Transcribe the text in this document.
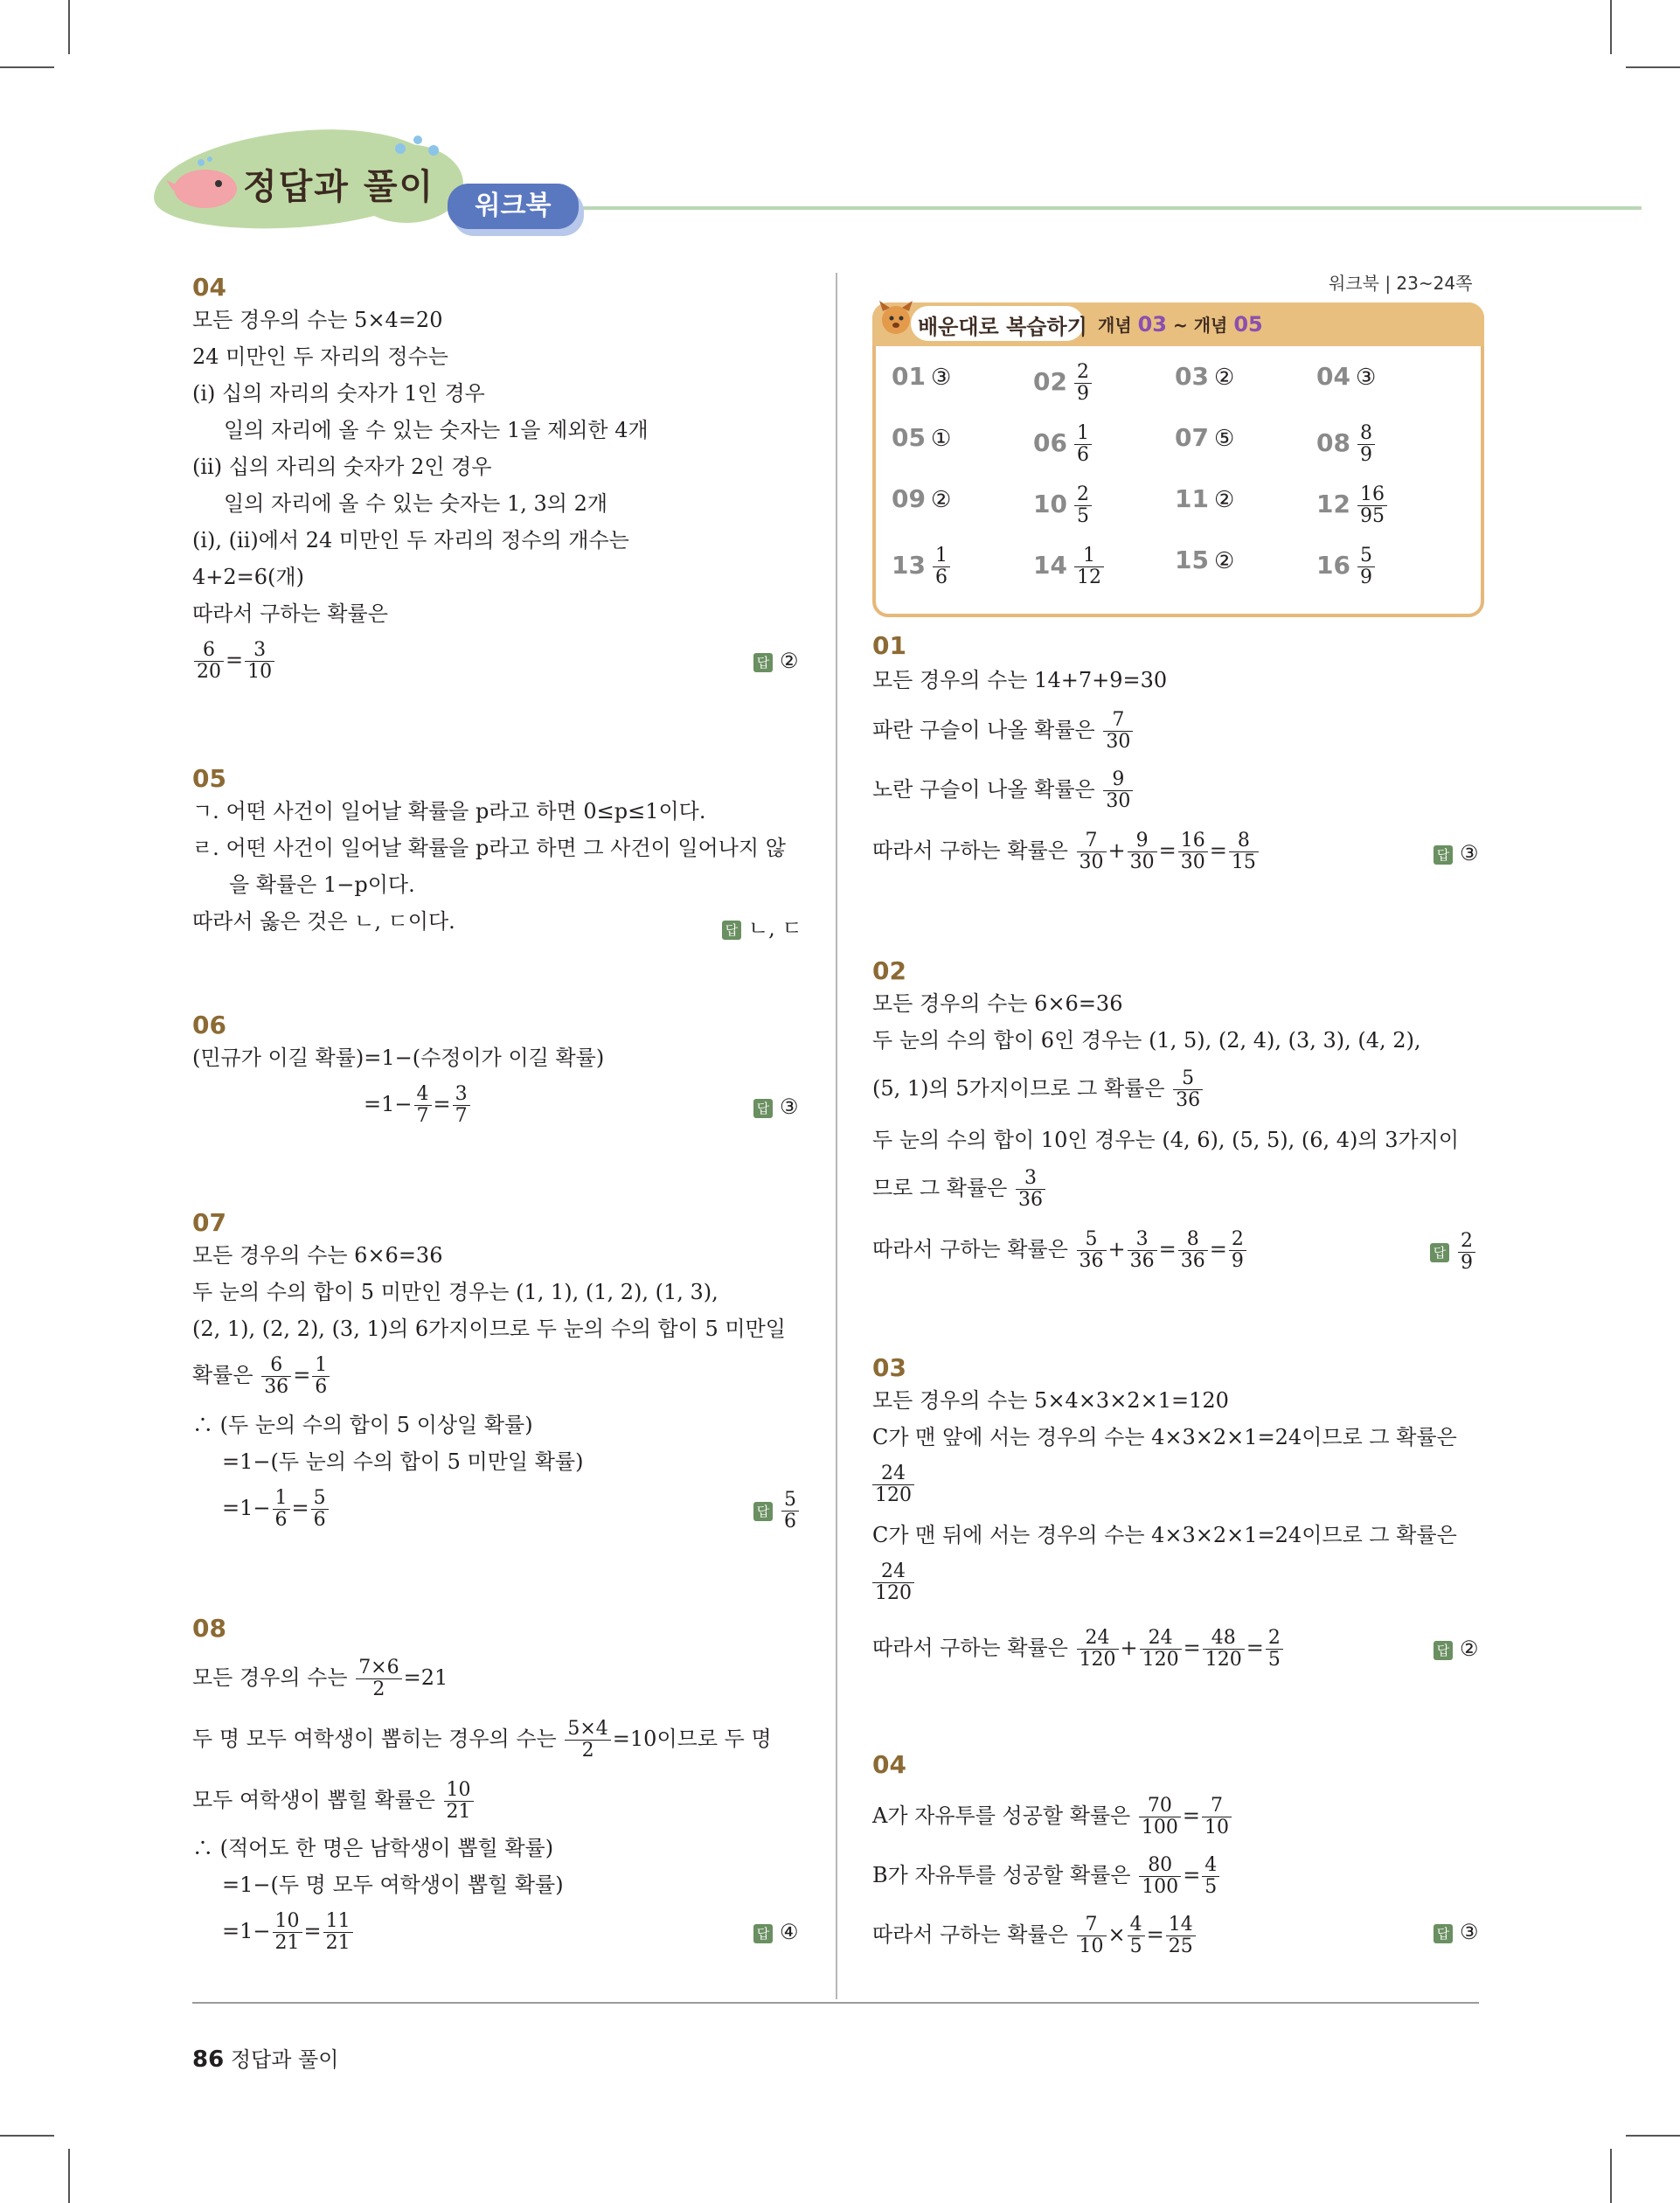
정답과 풀이	워크북
04
모든 경우의 수는 5×4=20
24 미만인 두 자리의 정수는
(ⅰ) 십의 자리의 숫자가 1인 경우
일의 자리에 올 수 있는 숫자는 1을 제외한 4개
(ⅱ) 십의 자리의 숫자가 2인 경우
일의 자리에 올 수 있는 숫자는 1, 3의 2개
(ⅰ), (ⅱ)에서 24 미만인 두 자리의 정수의 개수는
4+2=6(개)
따라서 구하는 확률은
$\frac{6}{20} = \frac{3}{10}$	답 ②
05
ㄱ. 어떤 사건이 일어날 확률을 p라고 하면 0≤p≤1이다.
ㄹ. 어떤 사건이 일어날 확률을 p라고 하면 그 사건이 일어나지 않
을 확률은 1−p이다.
따라서 옳은 것은 ㄴ, ㄷ이다.	답 ㄴ, ㄷ
06
(민규가 이길 확률)=1−(수정이가 이길 확률)
$=1- \frac{4}{7} = \frac{3}{7}$	답 ③
07
모든 경우의 수는 6×6=36
두 눈의 수의 합이 5 미만인 경우는 (1, 1), (1, 2), (1, 3),
(2, 1), (2, 2), (3, 1)의 6가지이므로 두 눈의 수의 합이 5 미만일
확률은 $\frac{6}{36} = \frac{1}{6}$
∴ (두 눈의 수의 합이 5 이상일 확률)
=1−(두 눈의 수의 합이 5 미만일 확률)
$=1- \frac{1}{6} = \frac{5}{6}$	답 $\frac{5}{6}$
08
모든 경우의 수는 $\frac{7\times 6}{2} =21$
두 명 모두 여학생이 뽑히는 경우의 수는 $\frac{5\times 4}{2} =10$이므로 두 명
모두 여학생이 뽑힐 확률은 $\frac{10}{21}$
∴ (적어도 한 명은 남학생이 뽑힐 확률)
=1−(두 명 모두 여학생이 뽑힐 확률)
$=1- \frac{10}{21} = \frac{11}{21}$	답 ④
워크북 | 23~24쪽
배운대로 복습하기 개념 03 ~ 개념 05
01 ③	$02 \frac{2}{9}$	03 ②	04 ③
05 ①	$06 \frac{1}{6}$	07 ⑤	$08 \frac{8}{9}$
09 ②	$10 \frac{2}{5}$	11 ②	$12 \frac{16}{95}$
$13 \frac{1}{6}$	$14 \frac{1}{12}$	15 ②	$16 \frac{5}{9}$
01
모든 경우의 수는 14+7+9=30
파란 구슬이 나올 확률은 $\frac{7}{30}$
노란 구슬이 나올 확률은 $\frac{9}{30}$
따라서 구하는 확률은 $\frac{7}{30} + \frac{9}{30} = \frac{16}{30} = \frac{8}{15}$	답 ③
02
모든 경우의 수는 6×6=36
두 눈의 수의 합이 6인 경우는 (1, 5), (2, 4), (3, 3), (4, 2),
(5, 1)의 5가지이므로 그 확률은 $\frac{5}{36}$
두 눈의 수의 합이 10인 경우는 (4, 6), (5, 5), (6, 4)의 3가지이
므로 그 확률은 $\frac{3}{36}$
따라서 구하는 확률은 $\frac{5}{36} + \frac{3}{36} = \frac{8}{36} = \frac{2}{9}$	답 $\frac{2}{9}$
03
모든 경우의 수는 5×4×3×2×1=120
C가 맨 앞에 서는 경우의 수는 4×3×2×1=24이므로 그 확률은
$\frac{24}{120}$
C가 맨 뒤에 서는 경우의 수는 4×3×2×1=24이므로 그 확률은
$\frac{24}{120}$
따라서 구하는 확률은 $\frac{24}{120} + \frac{24}{120} = \frac{48}{120} = \frac{2}{5}$	답 ②
04
A가 자유투를 성공할 확률은 $\frac{70}{100} = \frac{7}{10}$
B가 자유투를 성공할 확률은 $\frac{80}{100} = \frac{4}{5}$
따라서 구하는 확률은 $\frac{7}{10} \times \frac{4}{5} = \frac{14}{25}$	답 ③
86 정답과 풀이
